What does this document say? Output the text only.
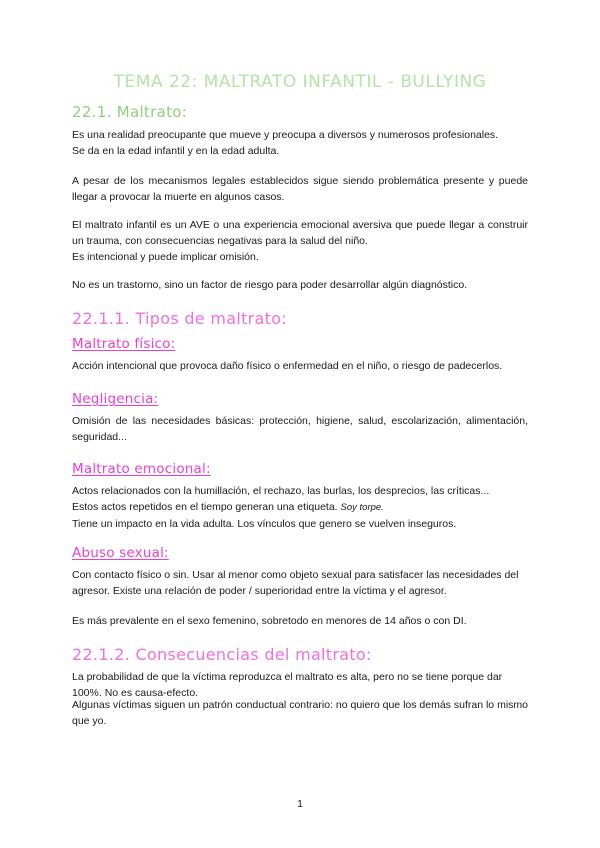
TEMA 22: MALTRATO INFANTIL - BULLYING
22.1. Maltrato:

Es una realidad preocupante que mueve y preocupa a diversos y numerosos profesionales.
Se da en la edad infantil y en la edad adulta.

A pesar de los mecanismos legales establecidos sigue siendo problemática presente y puede llegar a provocar la muerte en algunos casos.

El maltrato infantil es un AVE o una experiencia emocional aversiva que puede llegar a construir un trauma, con consecuencias negativas para la salud del niño.
Es intencional y puede implicar omisión.

No es un trastorno, sino un factor de riesgo para poder desarrollar algún diagnóstico.

22.1.1. Tipos de maltrato:
Maltrato físico:

Acción intencional que provoca daño físico o enfermedad en el niño, o riesgo de padecerlos.

Negligencia:

Omisión de las necesidades básicas: protección, higiene, salud, escolarización, alimentación, seguridad...

Maltrato emocional:

Actos relacionados con la humillación, el rechazo, las burlas, los desprecios, las críticas...
Estos actos repetidos en el tiempo generan una etiqueta. Soy torpe.
Tiene un impacto en la vida adulta. Los vínculos que genero se vuelven inseguros.

Abuso sexual:

Con contacto físico o sin. Usar al menor como objeto sexual para satisfacer las necesidades del agresor. Existe una relación de poder / superioridad entre la víctima y el agresor.

Es más prevalente en el sexo femenino, sobretodo en menores de 14 años o con DI.

22.1.2. Consecuencias del maltrato:

La probabilidad de que la víctima reproduzca el maltrato es alta, pero no se tiene porque dar 100%. No es causa-efecto.

Algunas víctimas siguen un patrón conductual contrario: no quiero que los demás sufran lo mismo que yo.

1
